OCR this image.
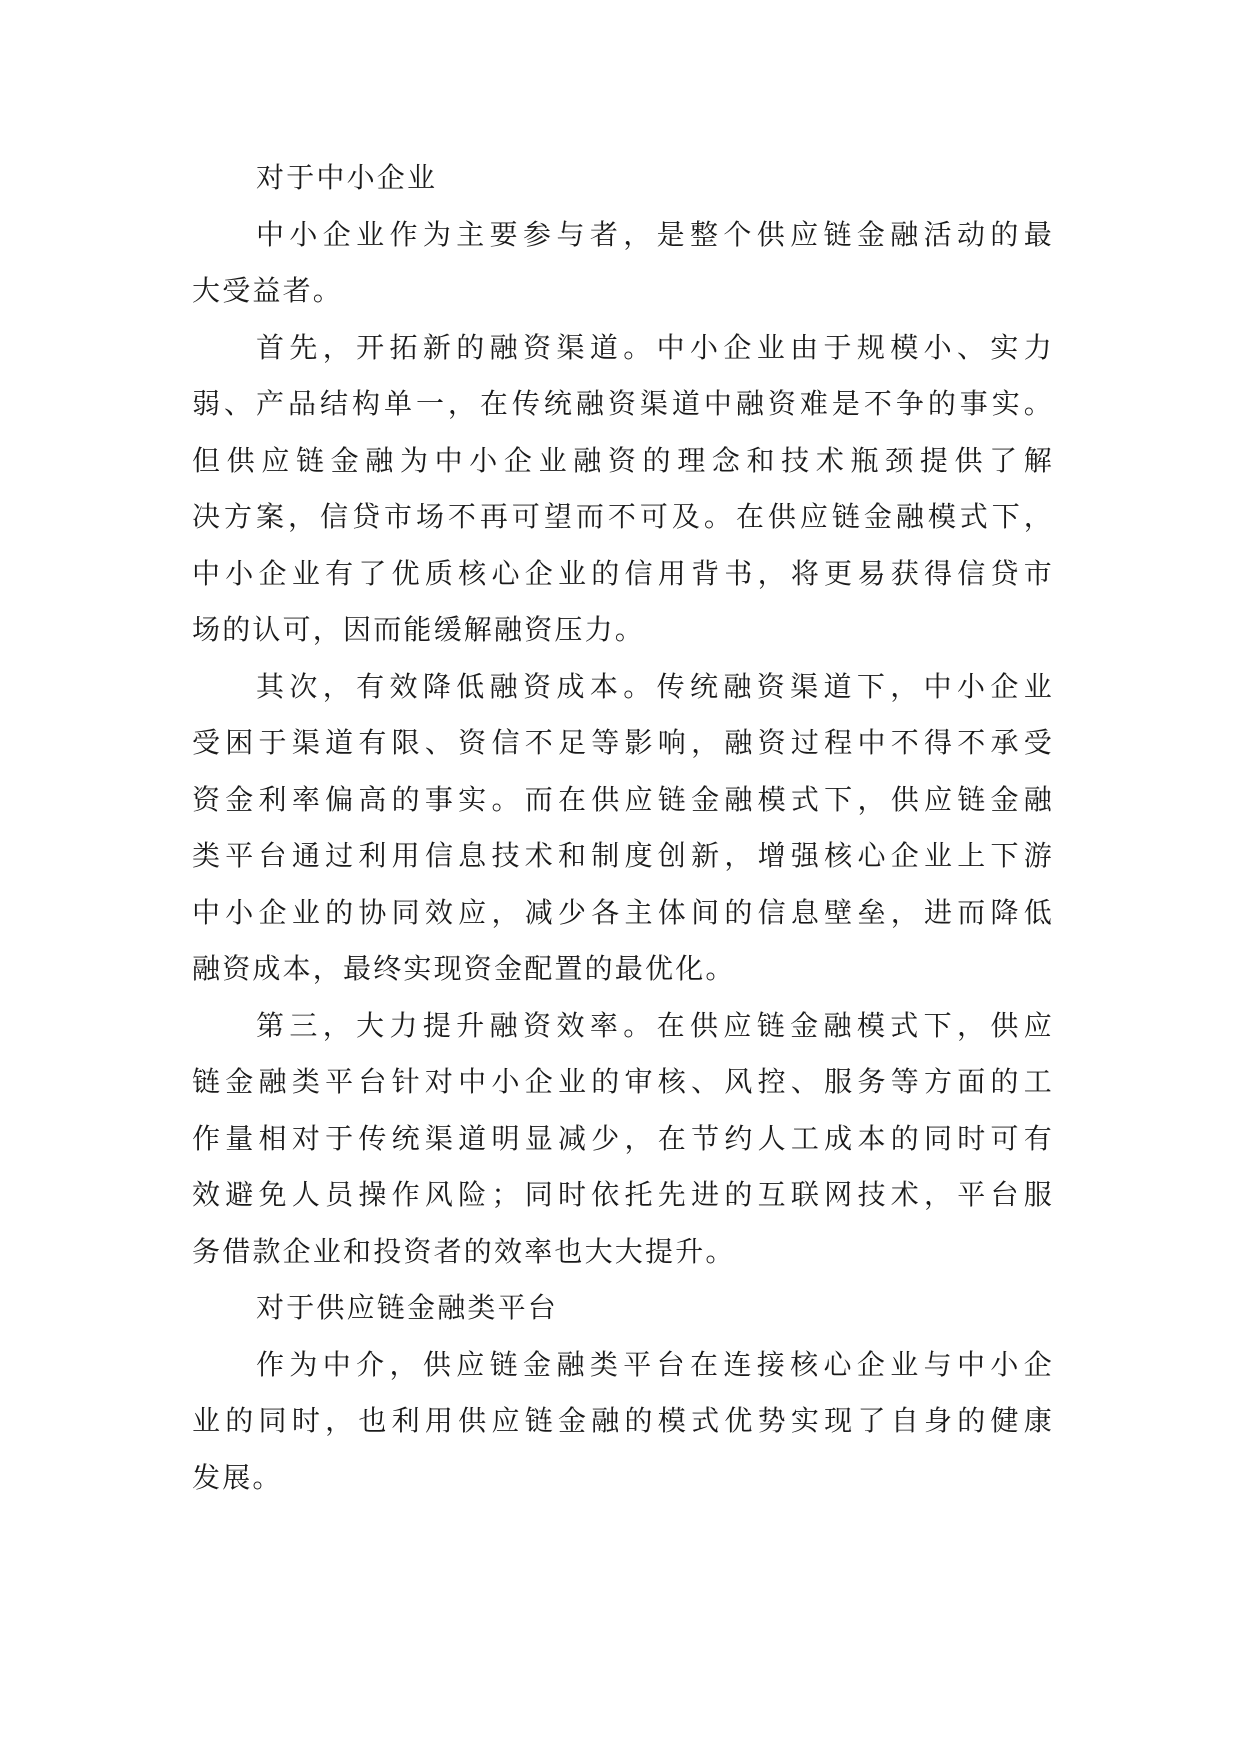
对于中小企业
中小企业作为主要参与者，是整个供应链金融活动的最
大受益者。
首先，开拓新的融资渠道。中小企业由于规模小、实力
弱、产品结构单一，在传统融资渠道中融资难是不争的事实。
但供应链金融为中小企业融资的理念和技术瓶颈提供了解
决方案，信贷市场不再可望而不可及。在供应链金融模式下，
中小企业有了优质核心企业的信用背书，将更易获得信贷市
场的认可，因而能缓解融资压力。
其次，有效降低融资成本。传统融资渠道下，中小企业
受困于渠道有限、资信不足等影响，融资过程中不得不承受
资金利率偏高的事实。而在供应链金融模式下，供应链金融
类平台通过利用信息技术和制度创新，增强核心企业上下游
中小企业的协同效应，减少各主体间的信息壁垒，进而降低
融资成本，最终实现资金配置的最优化。
第三，大力提升融资效率。在供应链金融模式下，供应
链金融类平台针对中小企业的审核、风控、服务等方面的工
作量相对于传统渠道明显减少，在节约人工成本的同时可有
效避免人员操作风险；同时依托先进的互联网技术，平台服
务借款企业和投资者的效率也大大提升。
对于供应链金融类平台
作为中介，供应链金融类平台在连接核心企业与中小企
业的同时，也利用供应链金融的模式优势实现了自身的健康
发展。
